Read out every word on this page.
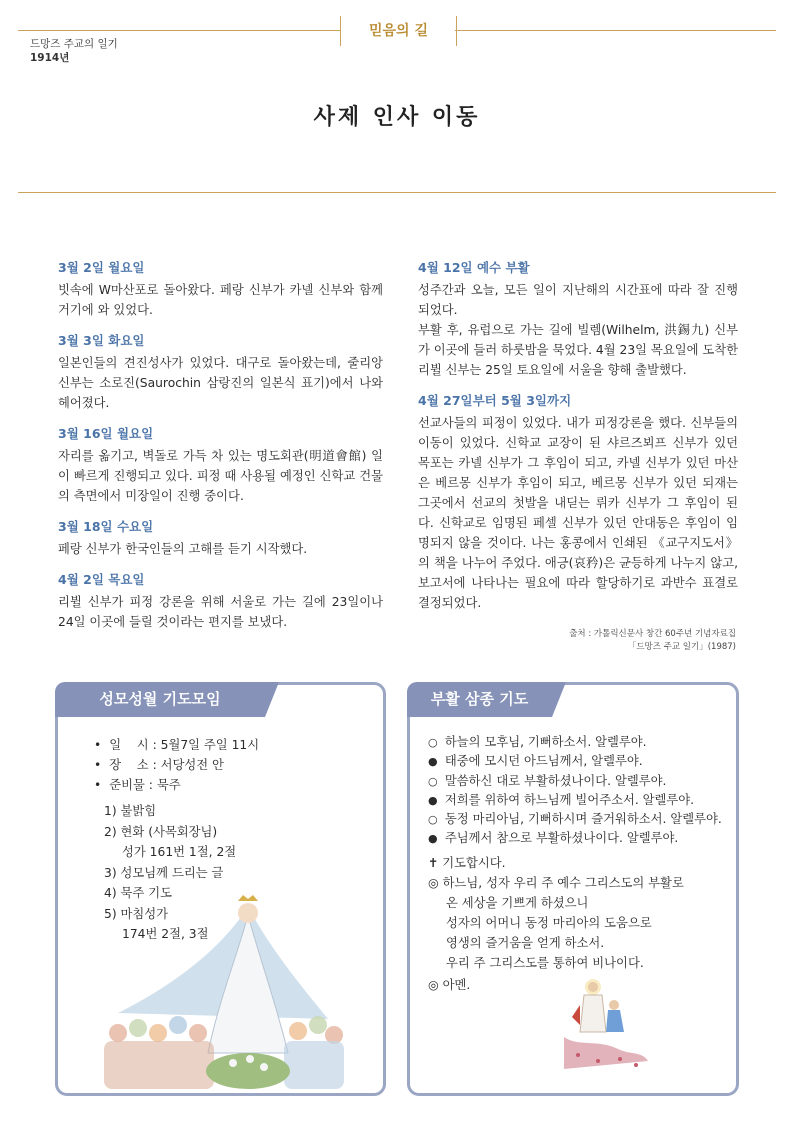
믿음의 길
드망즈 주교의 일기
1914년
사제 인사 이동
3월 2일 월요일
빗속에 W마산포로 돌아왔다. 페랑 신부가 카넬 신부와 함께 거기에 와 있었다.
3월 3일 화요일
일본인들의 견진성사가 있었다. 대구로 돌아왔는데, 줄리앙 신부는 소로진(Saurochin 삼랑진의 일본식 표기)에서 나와 헤어졌다.
3월 16일 월요일
자리를 옮기고, 벽돌로 가득 차 있는 명도회관(明道會館) 일이 빠르게 진행되고 있다. 피정 때 사용될 예정인 신학교 건물의 측면에서 미장일이 진행 중이다.
3월 18일 수요일
페랑 신부가 한국인들의 고해를 듣기 시작했다.
4월 2일 목요일
리뷜 신부가 피정 강론을 위해 서울로 가는 길에 23일이나 24일 이곳에 들릴 것이라는 편지를 보냈다.
4월 12일 예수 부활
성주간과 오늘, 모든 일이 지난해의 시간표에 따라 잘 진행되었다.
부활 후, 유럽으로 가는 길에 빌렘(Wilhelm, 洪錫九) 신부가 이곳에 들러 하룻밤을 묵었다. 4월 23일 목요일에 도착한 리뷜 신부는 25일 토요일에 서울을 향해 출발했다.
4월 27일부터 5월 3일까지
선교사들의 피정이 있었다. 내가 피정강론을 했다. 신부들의 이동이 있었다. 신학교 교장이 된 샤르즈뵈프 신부가 있던 목포는 카넬 신부가 그 후임이 되고, 카넬 신부가 있던 마산은 베르몽 신부가 후임이 되고, 베르몽 신부가 있던 되재는 그곳에서 선교의 첫발을 내딛는 뤼카 신부가 그 후임이 된다. 신학교로 임명된 페셀 신부가 있던 안대동은 후임이 임명되지 않을 것이다. 나는 홍콩에서 인쇄된 《교구지도서》의 책을 나누어 주었다. 애긍(哀矜)은 균등하게 나누지 않고, 보고서에 나타나는 필요에 따라 할당하기로 과반수 표결로 결정되었다.
출처 : 가톨릭신문사 창간 60주년 기념자료집
「드망즈 주교 일기」(1987)
성모성월 기도모임
• 일    시 : 5월7일 주일 11시
• 장    소 : 서당성전 안
• 준비물 : 묵주
1) 불밝힘
2) 현화 (사목회장님)
성가 161번 1절, 2절
3) 성모님께 드리는 글
4) 묵주 기도
5) 마침성가
174번 2절, 3절
부활 삼종 기도
○ 하늘의 모후님, 기뻐하소서. 알렐루야.
● 태중에 모시던 아드님께서, 알렐루야.
○ 말씀하신 대로 부활하셨나이다. 알렐루야.
● 저희를 위하여 하느님께 빌어주소서. 알렐루야.
○ 동정 마리아님, 기뻐하시며 즐거워하소서. 알렐루야.
● 주님께서 참으로 부활하셨나이다. 알렐루야.
✝ 기도합시다.
◎ 하느님, 성자 우리 주 예수 그리스도의 부활로
온 세상을 기쁘게 하셨으니
성자의 어머니 동정 마리아의 도움으로
영생의 즐거움을 얻게 하소서.
우리 주 그리스도를 통하여 비나이다.
◎ 아멘.
